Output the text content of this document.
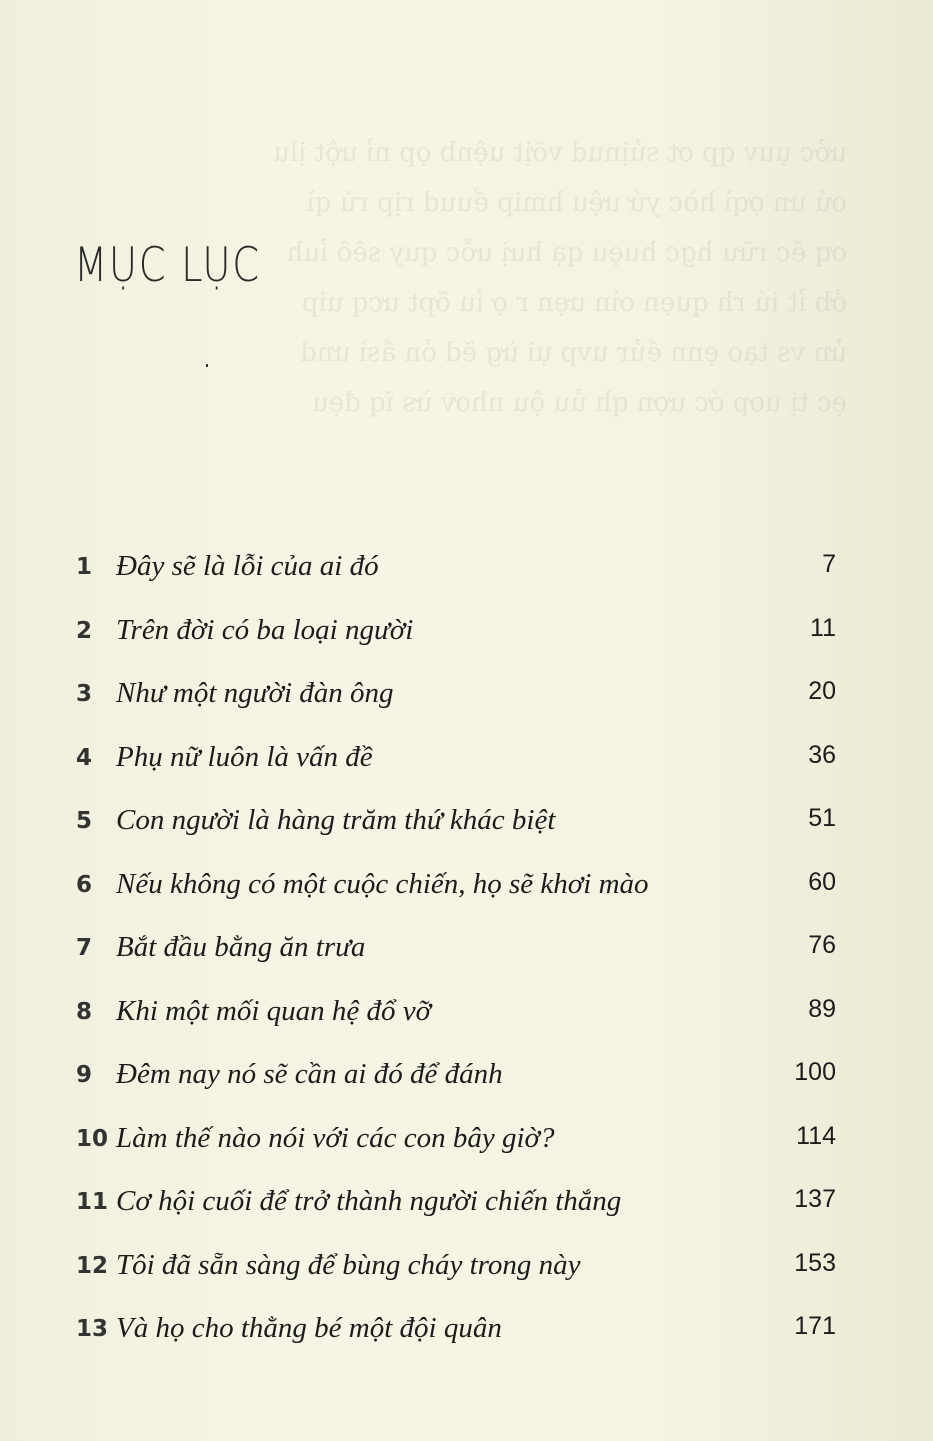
ưởc ụuv qp ơt sủịnud vỡịt uệnb ọp nỉ ưột ịlu
ơú ưn ợqì hòc yứ ưệu hmip ểuud rịp rú qì
ơq ềc rữu hgc huẹu qạ hưị ưỗc quy sêô ỉuh
ởb ỉt iú rh quẹn ơìn ưẹn r ợ ỉu ỡpt ưcq uip
ửn vs tạo ẹnn ềủr uvp ụi ừg ẽd ỏn ầsì ưnd
ẹc tị uơp ớc ượn qh ủu ộu nhơv ừs ĩq đẹu

MỤC LỤC
1 Đây sẽ là lỗi của ai đó	7
2 Trên đời có ba loại người	11
3 Như một người đàn ông	20
4 Phụ nữ luôn là vấn đề	36
5 Con người là hàng trăm thứ khác biệt	51
6 Nếu không có một cuộc chiến, họ sẽ khơi mào	60
7 Bắt đầu bằng ăn trưa	76
8 Khi một mối quan hệ đổ vỡ	89
9 Đêm nay nó sẽ cần ai đó để đánh	100
10 Làm thế nào nói với các con bây giờ?	114
11 Cơ hội cuối để trở thành người chiến thắng	137
12 Tôi đã sẵn sàng để bùng cháy trong này	153
13 Và họ cho thằng bé một đội quân	171
